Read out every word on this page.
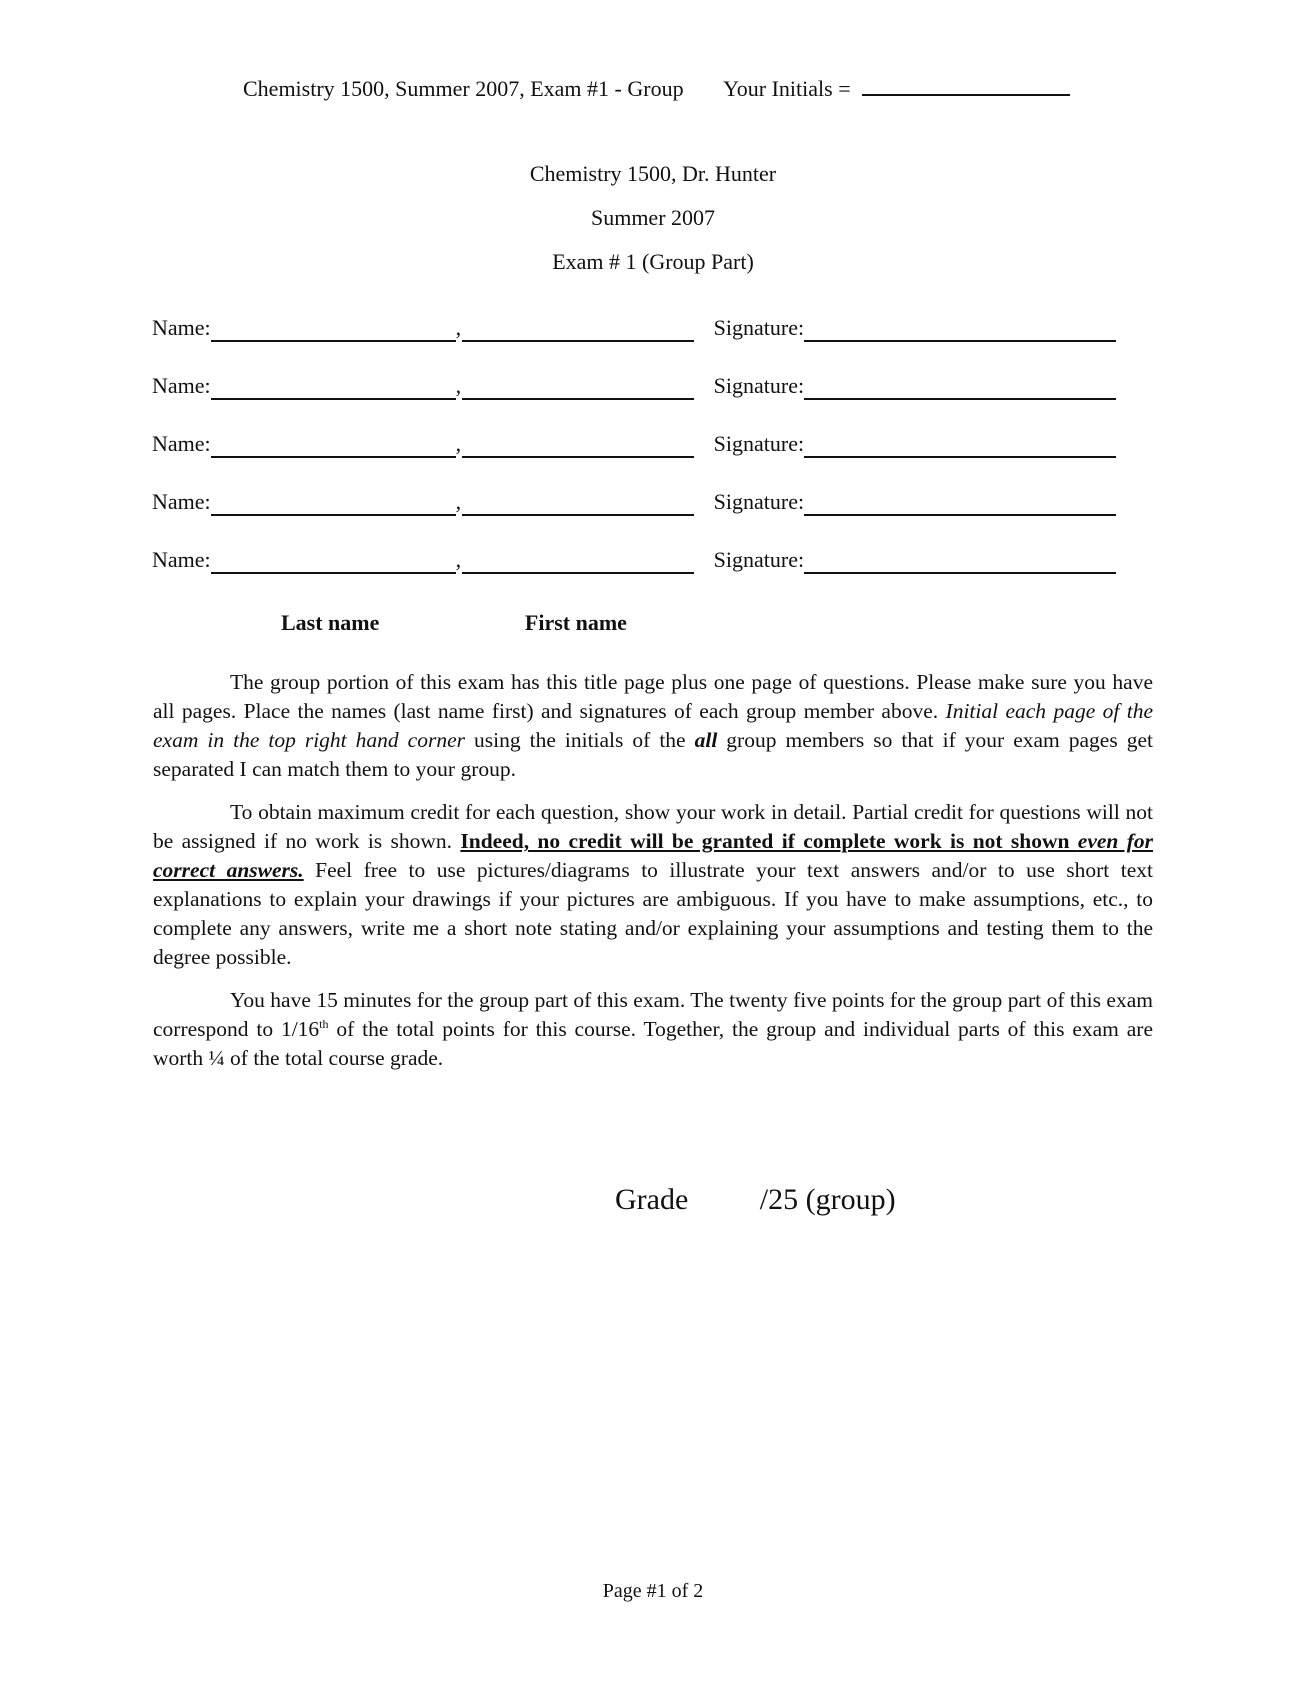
Chemistry 1500, Summer 2007, Exam #1 - Group Your Initials =
Chemistry 1500, Dr. Hunter
Summer 2007
Exam # 1 (Group Part)
Name:	,	Signature:
Name:	,	Signature:
Name:	,	Signature:
Name:	,	Signature:
Name:	,	Signature:
Last name	First name

The group portion of this exam has this title page plus one page of questions. Please make sure you have all pages. Place the names (last name first) and signatures of each group member above. Initial each page of the exam in the top right hand corner using the initials of the all group members so that if your exam pages get separated I can match them to your group.

To obtain maximum credit for each question, show your work in detail. Partial credit for questions will not be assigned if no work is shown. Indeed, no credit will be granted if complete work is not shown even for correct answers. Feel free to use pictures/diagrams to illustrate your text answers and/or to use short text explanations to explain your drawings if your pictures are ambiguous. If you have to make assumptions, etc., to complete any answers, write me a short note stating and/or explaining your assumptions and testing them to the degree possible.

You have 15 minutes for the group part of this exam. The twenty five points for the group part of this exam correspond to 1/16th of the total points for this course. Together, the group and individual parts of this exam are worth ¼ of the total course grade.

Grade /25 (group)
Page #1 of 2
